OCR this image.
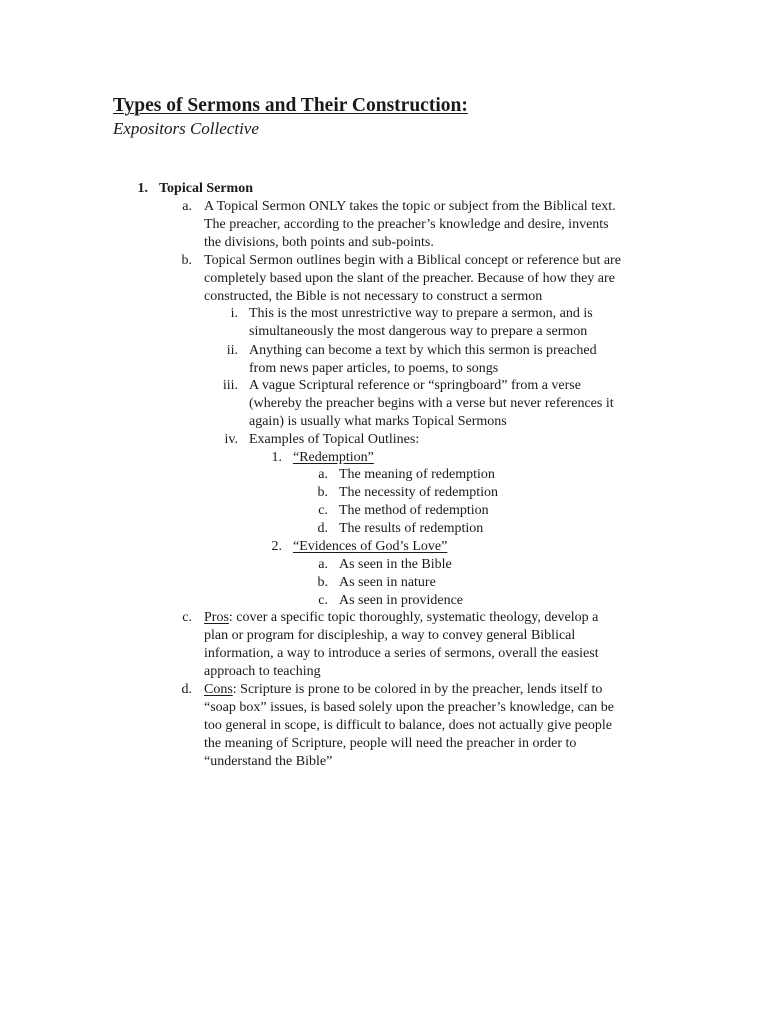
Types of Sermons and Their Construction:
Expositors Collective
1. Topical Sermon
a. A Topical Sermon ONLY takes the topic or subject from the Biblical text.
The preacher, according to the preacher’s knowledge and desire, invents
the divisions, both points and sub-points.
b. Topical Sermon outlines begin with a Biblical concept or reference but are
completely based upon the slant of the preacher. Because of how they are
constructed, the Bible is not necessary to construct a sermon
i. This is the most unrestrictive way to prepare a sermon, and is
simultaneously the most dangerous way to prepare a sermon
ii. Anything can become a text by which this sermon is preached
from news paper articles, to poems, to songs
iii. A vague Scriptural reference or “springboard” from a verse
(whereby the preacher begins with a verse but never references it
again) is usually what marks Topical Sermons
iv. Examples of Topical Outlines:
1. “Redemption”
a. The meaning of redemption
b. The necessity of redemption
c. The method of redemption
d. The results of redemption
2. “Evidences of God’s Love”
a. As seen in the Bible
b. As seen in nature
c. As seen in providence
c. Pros: cover a specific topic thoroughly, systematic theology, develop a
plan or program for discipleship, a way to convey general Biblical
information, a way to introduce a series of sermons, overall the easiest
approach to teaching
d. Cons: Scripture is prone to be colored in by the preacher, lends itself to
“soap box” issues, is based solely upon the preacher’s knowledge, can be
too general in scope, is difficult to balance, does not actually give people
the meaning of Scripture, people will need the preacher in order to
“understand the Bible”
